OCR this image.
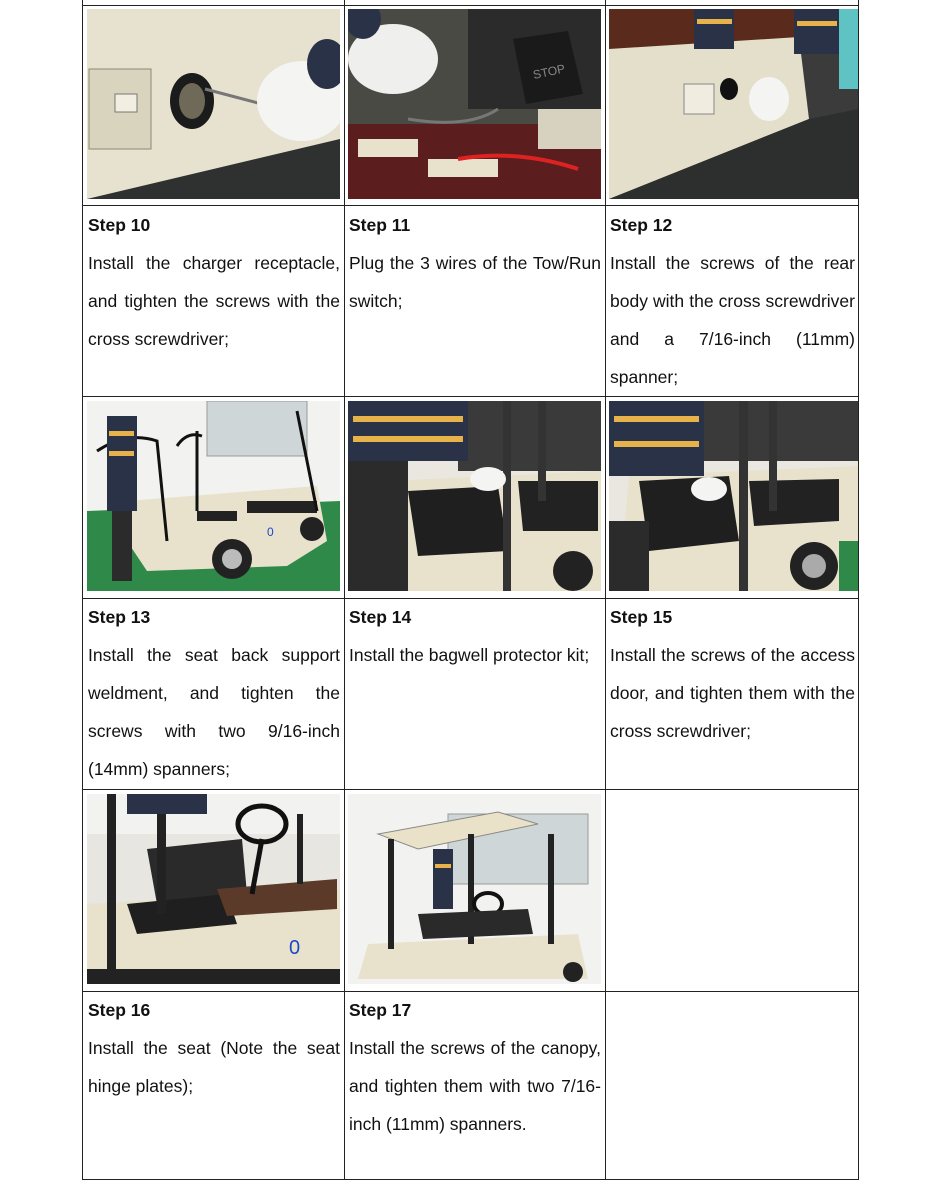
STOP
Step 10
Install the charger receptacle, and tighten the screws with the cross screwdriver;
Step 11
Plug the 3 wires of the Tow/Run switch;
Step 12
Install the screws of the rear body with the cross screwdriver and a 7/16-inch (11mm) spanner;
0
Step 13
Install the seat back support weldment, and tighten the screws with two 9/16-inch (14mm) spanners;
Step 14
Install the bagwell protector kit;
Step 15
Install the screws of the access door, and tighten them with the cross screwdriver;
0
Step 16
Install the seat (Note the seat hinge plates);
Step 17
Install the screws of the canopy, and tighten them with two 7/16-inch (11mm) spanners.
